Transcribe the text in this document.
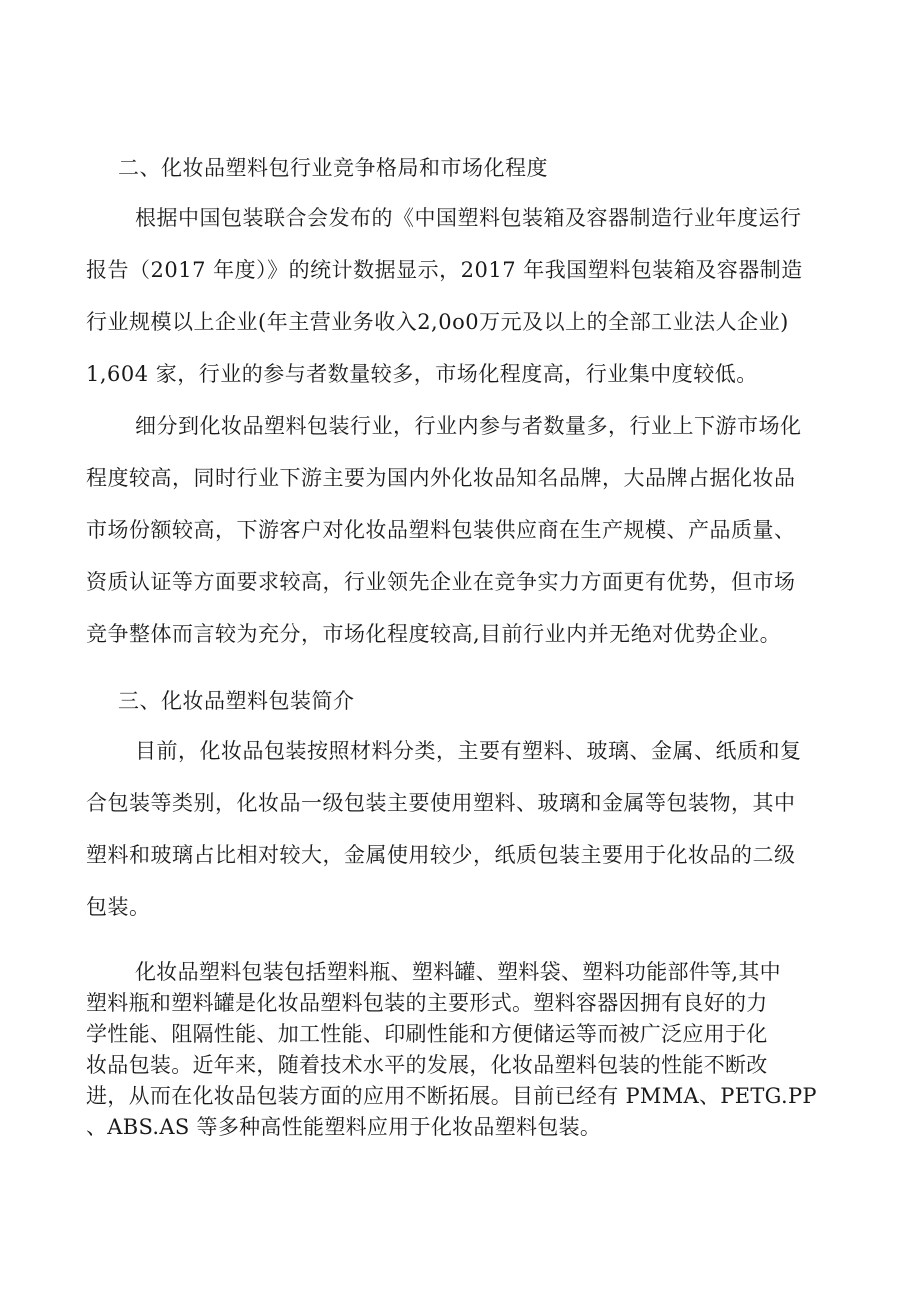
二、化妆品塑料包行业竞争格局和市场化程度

根据中国包装联合会发布的《中国塑料包装箱及容器制造行业年度运行

报告（2017 年度）》的统计数据显示，2017 年我国塑料包装箱及容器制造

行业规模以上企业(年主营业务收入2,0o0万元及以上的全部工业法人企业)

1,604 家，行业的参与者数量较多，市场化程度高，行业集中度较低。

细分到化妆品塑料包装行业，行业内参与者数量多，行业上下游市场化

程度较高，同时行业下游主要为国内外化妆品知名品牌，大品牌占据化妆品

市场份额较高，下游客户对化妆品塑料包装供应商在生产规模、产品质量、

资质认证等方面要求较高，行业领先企业在竞争实力方面更有优势，但市场

竞争整体而言较为充分，市场化程度较高,目前行业内并无绝对优势企业。

三、化妆品塑料包装简介

目前，化妆品包装按照材料分类，主要有塑料、玻璃、金属、纸质和复

合包装等类别，化妆品一级包装主要使用塑料、玻璃和金属等包装物，其中

塑料和玻璃占比相对较大，金属使用较少，纸质包装主要用于化妆品的二级

包装。

化妆品塑料包装包括塑料瓶、塑料罐、塑料袋、塑料功能部件等,其中

塑料瓶和塑料罐是化妆品塑料包装的主要形式。塑料容器因拥有良好的力

学性能、阻隔性能、加工性能、印刷性能和方便储运等而被广泛应用于化

妆品包装。近年来，随着技术水平的发展，化妆品塑料包装的性能不断改

进，从而在化妆品包装方面的应用不断拓展。目前已经有 PMMA、PETG.PP

、ABS.AS 等多种高性能塑料应用于化妆品塑料包装。
